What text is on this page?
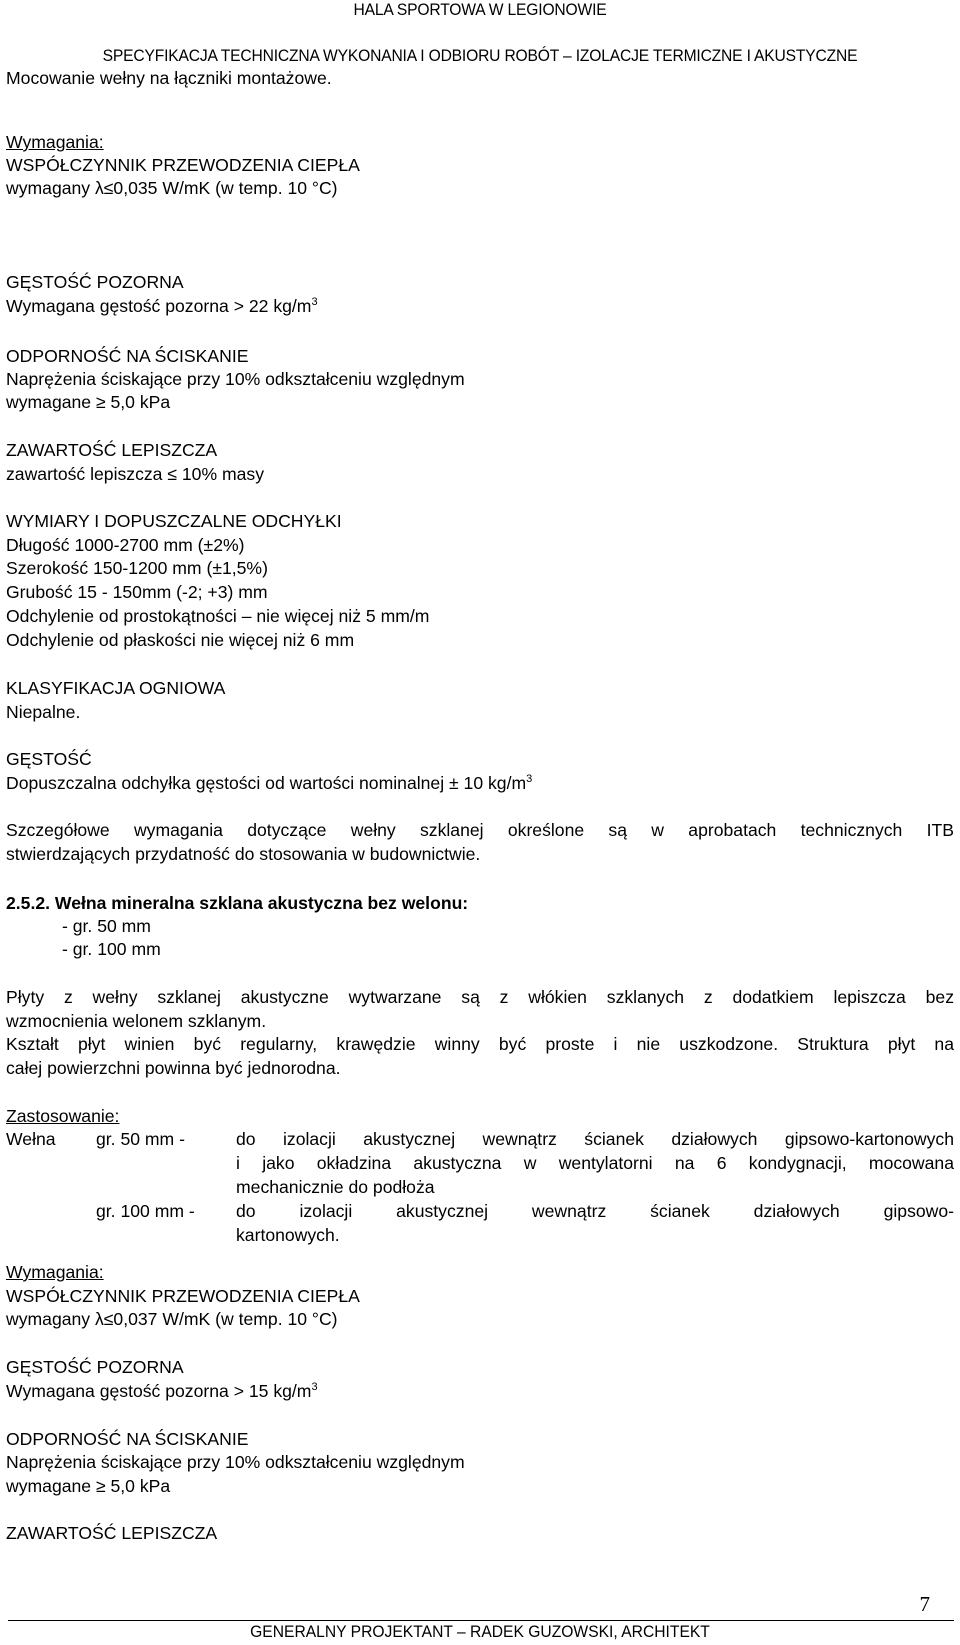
HALA SPORTOWA W LEGIONOWIE
SPECYFIKACJA TECHNICZNA WYKONANIA I ODBIORU ROBÓT – IZOLACJE TERMICZNE I AKUSTYCZNE
Mocowanie wełny na łączniki montażowe.
Wymagania:
WSPÓŁCZYNNIK PRZEWODZENIA CIEPŁA
wymagany λ≤0,035 W/mK (w temp. 10 °C)
GĘSTOŚĆ POZORNA
Wymagana gęstość pozorna > 22 $kg/m^3$
ODPORNOŚĆ NA ŚCISKANIE
Naprężenia ściskające przy 10% odkształceniu względnym
wymagane ≥ 5,0 kPa
ZAWARTOŚĆ LEPISZCZA
zawartość lepiszcza ≤ 10% masy
WYMIARY I DOPUSZCZALNE ODCHYŁKI
Długość 1000-2700 mm (±2%)
Szerokość 150-1200 mm (±1,5%)
Grubość 15 - 150mm (-2; +3) mm
Odchylenie od prostokątności – nie więcej niż 5 mm/m
Odchylenie od płaskości nie więcej niż 6 mm
KLASYFIKACJA OGNIOWA
Niepalne.
GĘSTOŚĆ
Dopuszczalna odchyłka gęstości od wartości nominalnej ± 10 $kg/m^3$
Szczegółowe wymagania dotyczące wełny szklanej określone są w aprobatach technicznych ITB
stwierdzających przydatność do stosowania w budownictwie.
2.5.2. Wełna mineralna szklana akustyczna bez welonu:
- gr. 50 mm
- gr. 100 mm
Płyty z wełny szklanej akustyczne wytwarzane są z włókien szklanych z dodatkiem lepiszcza bez
wzmocnienia welonem szklanym.
Kształt płyt winien być regularny, krawędzie winny być proste i nie uszkodzone. Struktura płyt na
całej powierzchni powinna być jednorodna.
Zastosowanie:
Wełna	gr. 50 mm -	do izolacji akustycznej wewnątrz ścianek działowych gipsowo-kartonowych
i jako okładzina akustyczna w wentylatorni na 6 kondygnacji, mocowana
mechanicznie do podłoża
gr. 100 mm -	do izolacji akustycznej wewnątrz ścianek działowych gipsowo-
kartonowych.
Wymagania:
WSPÓŁCZYNNIK PRZEWODZENIA CIEPŁA
wymagany λ≤0,037 W/mK (w temp. 10 °C)
GĘSTOŚĆ POZORNA
Wymagana gęstość pozorna > 15 $kg/m^3$
ODPORNOŚĆ NA ŚCISKANIE
Naprężenia ściskające przy 10% odkształceniu względnym
wymagane ≥ 5,0 kPa
ZAWARTOŚĆ LEPISZCZA
7
GENERALNY PROJEKTANT – RADEK GUZOWSKI, ARCHITEKT
